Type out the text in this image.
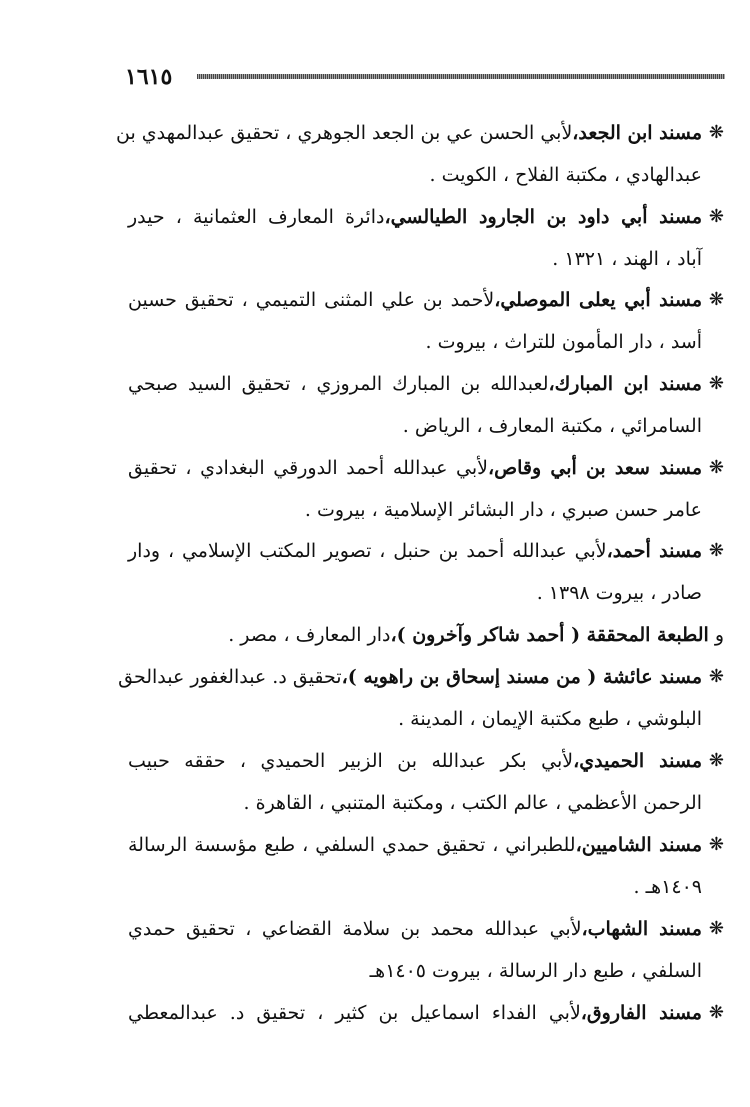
١٦١٥
❋
مسند ابن الجعد،لأبي الحسن عي بن الجعد الجوهري ، تحقيق عبدالمهدي بن
عبدالهادي ، مكتبة الفلاح ، الكويت .
❋
مسند أبي داود بن الجارود الطيالسي،دائرة المعارف العثمانية ، حيدر
آباد ، الهند ، ١٣٢١ .
❋
مسند أبي يعلى الموصلي،لأحمد بن علي المثنى التميمي ، تحقيق حسين
أسد ، دار المأمون للتراث ، بيروت .
❋
مسند ابن المبارك،لعبدالله بن المبارك المروزي ، تحقيق السيد صبحي
السامرائي ، مكتبة المعارف ، الرياض .
❋
مسند سعد بن أبي وقاص،لأبي عبدالله أحمد الدورقي البغدادي ، تحقيق
عامر حسن صبري ، دار البشائر الإسلامية ، بيروت .
❋
مسند أحمد،لأبي عبدالله أحمد بن حنبل ، تصوير المكتب الإسلامي ، ودار
صادر ، بيروت ١٣٩٨ .
و الطبعة المحققة ( أحمد شاكر وآخرون )،دار المعارف ، مصر .
❋
مسند عائشة ( من مسند إسحاق بن راهويه )،تحقيق د. عبدالغفور عبدالحق
البلوشي ، طبع مكتبة الإيمان ، المدينة .
❋
مسند الحميدي،لأبي بكر عبدالله بن الزبير الحميدي ، حققه حبيب
الرحمن الأعظمي ، عالم الكتب ، ومكتبة المتنبي ، القاهرة .
❋
مسند الشاميين،للطبراني ، تحقيق حمدي السلفي ، طبع مؤسسة الرسالة
١٤٠٩هـ .
❋
مسند الشهاب،لأبي عبدالله محمد بن سلامة القضاعي ، تحقيق حمدي
السلفي ، طبع دار الرسالة ، بيروت ١٤٠٥هـ
❋
مسند الفاروق،لأبي الفداء اسماعيل بن كثير ، تحقيق د. عبدالمعطي
